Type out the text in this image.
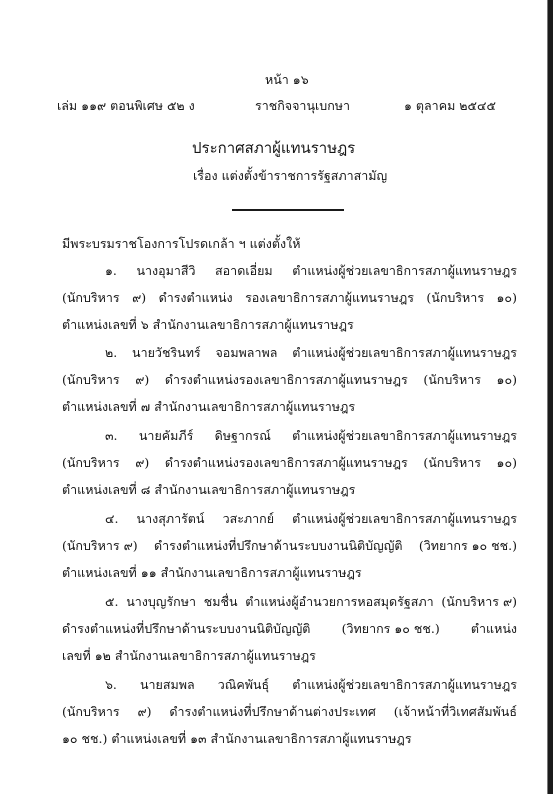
หน้า ๑๖
เล่ม ๑๑๙ ตอนพิเศษ ๕๒ ง	ราชกิจจานุเบกษา	๑ ตุลาคม ๒๕๔๕
ประกาศสภาผู้แทนราษฎร
เรื่อง แต่งตั้งข้าราชการรัฐสภาสามัญ
มีพระบรมราชโองการโปรดเกล้า ฯ แต่งตั้งให้
๑. นางอุมาสีวิ สอาดเอี่ยม ตำแหน่งผู้ช่วยเลขาธิการสภาผู้แทนราษฎร
(นักบริหาร ๙) ดำรงตำแหน่ง รองเลขาธิการสภาผู้แทนราษฎร (นักบริหาร ๑๐)
ตำแหน่งเลขที่ ๖ สำนักงานเลขาธิการสภาผู้แทนราษฎร
๒. นายวัชรินทร์ จอมพลาพล ตำแหน่งผู้ช่วยเลขาธิการสภาผู้แทนราษฎร
(นักบริหาร ๙) ดำรงตำแหน่งรองเลขาธิการสภาผู้แทนราษฎร (นักบริหาร ๑๐)
ตำแหน่งเลขที่ ๗ สำนักงานเลขาธิการสภาผู้แทนราษฎร
๓. นายคัมภีร์ ดิษฐากรณ์ ตำแหน่งผู้ช่วยเลขาธิการสภาผู้แทนราษฎร
(นักบริหาร ๙) ดำรงตำแหน่งรองเลขาธิการสภาผู้แทนราษฎร (นักบริหาร ๑๐)
ตำแหน่งเลขที่ ๘ สำนักงานเลขาธิการสภาผู้แทนราษฎร
๔. นางสุภารัตน์ วสะภากย์ ตำแหน่งผู้ช่วยเลขาธิการสภาผู้แทนราษฎร
(นักบริหาร ๙) ดำรงตำแหน่งที่ปรึกษาด้านระบบงานนิติบัญญัติ (วิทยากร ๑๐ ชช.)
ตำแหน่งเลขที่ ๑๑ สำนักงานเลขาธิการสภาผู้แทนราษฎร
๕. นางบุญรักษา ชมชื่น ตำแหน่งผู้อำนวยการหอสมุดรัฐสภา (นักบริหาร ๙)
ดำรงตำแหน่งที่ปรึกษาด้านระบบงานนิติบัญญัติ (วิทยากร ๑๐ ชช.) ตำแหน่ง
เลขที่ ๑๒ สำนักงานเลขาธิการสภาผู้แทนราษฎร
๖. นายสมพล วณิคพันธุ์ ตำแหน่งผู้ช่วยเลขาธิการสภาผู้แทนราษฎร
(นักบริหาร ๙) ดำรงตำแหน่งที่ปรึกษาด้านต่างประเทศ (เจ้าหน้าที่วิเทศสัมพันธ์
๑๐ ชช.) ตำแหน่งเลขที่ ๑๓ สำนักงานเลขาธิการสภาผู้แทนราษฎร
